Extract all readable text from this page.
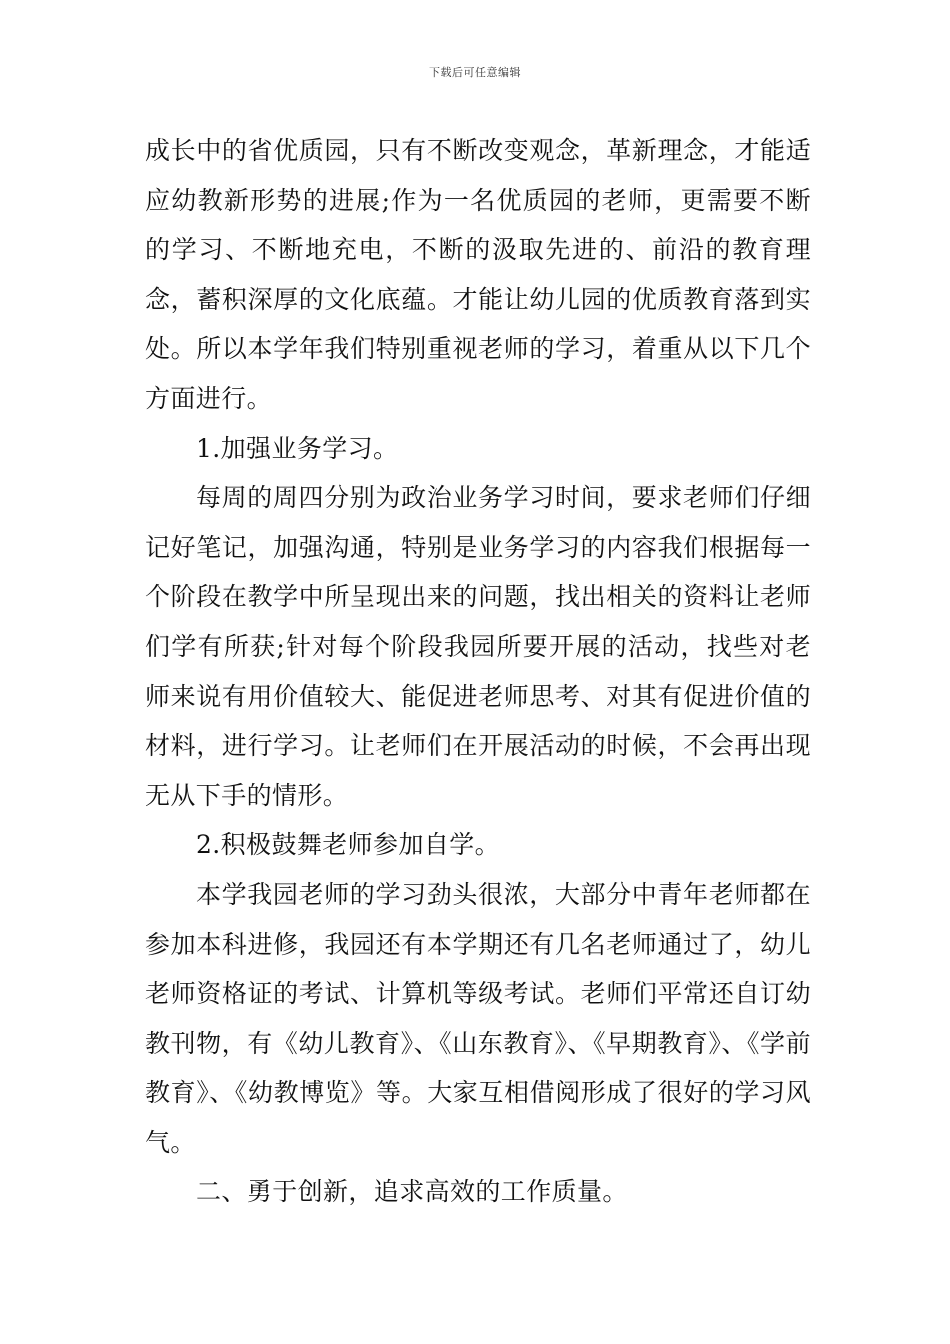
下载后可任意编辑

成长中的省优质园，只有不断改变观念，革新理念，才能适应幼教新形势的进展;作为一名优质园的老师，更需要不断的学习、不断地充电，不断的汲取先进的、前沿的教育理念，蓄积深厚的文化底蕴。才能让幼儿园的优质教育落到实处。所以本学年我们特别重视老师的学习，着重从以下几个方面进行。

1.加强业务学习。

每周的周四分别为政治业务学习时间，要求老师们仔细记好笔记，加强沟通，特别是业务学习的内容我们根据每一个阶段在教学中所呈现出来的问题，找出相关的资料让老师们学有所获;针对每个阶段我园所要开展的活动，找些对老师来说有用价值较大、能促进老师思考、对其有促进价值的材料，进行学习。让老师们在开展活动的时候，不会再出现无从下手的情形。

2.积极鼓舞老师参加自学。

本学我园老师的学习劲头很浓，大部分中青年老师都在参加本科进修，我园还有本学期还有几名老师通过了，幼儿老师资格证的考试、计算机等级考试。老师们平常还自订幼教刊物，有《幼儿教育》、《山东教育》、《早期教育》、《学前教育》、《幼教博览》等。大家互相借阅形成了很好的学习风气。

二、勇于创新，追求高效的工作质量。
